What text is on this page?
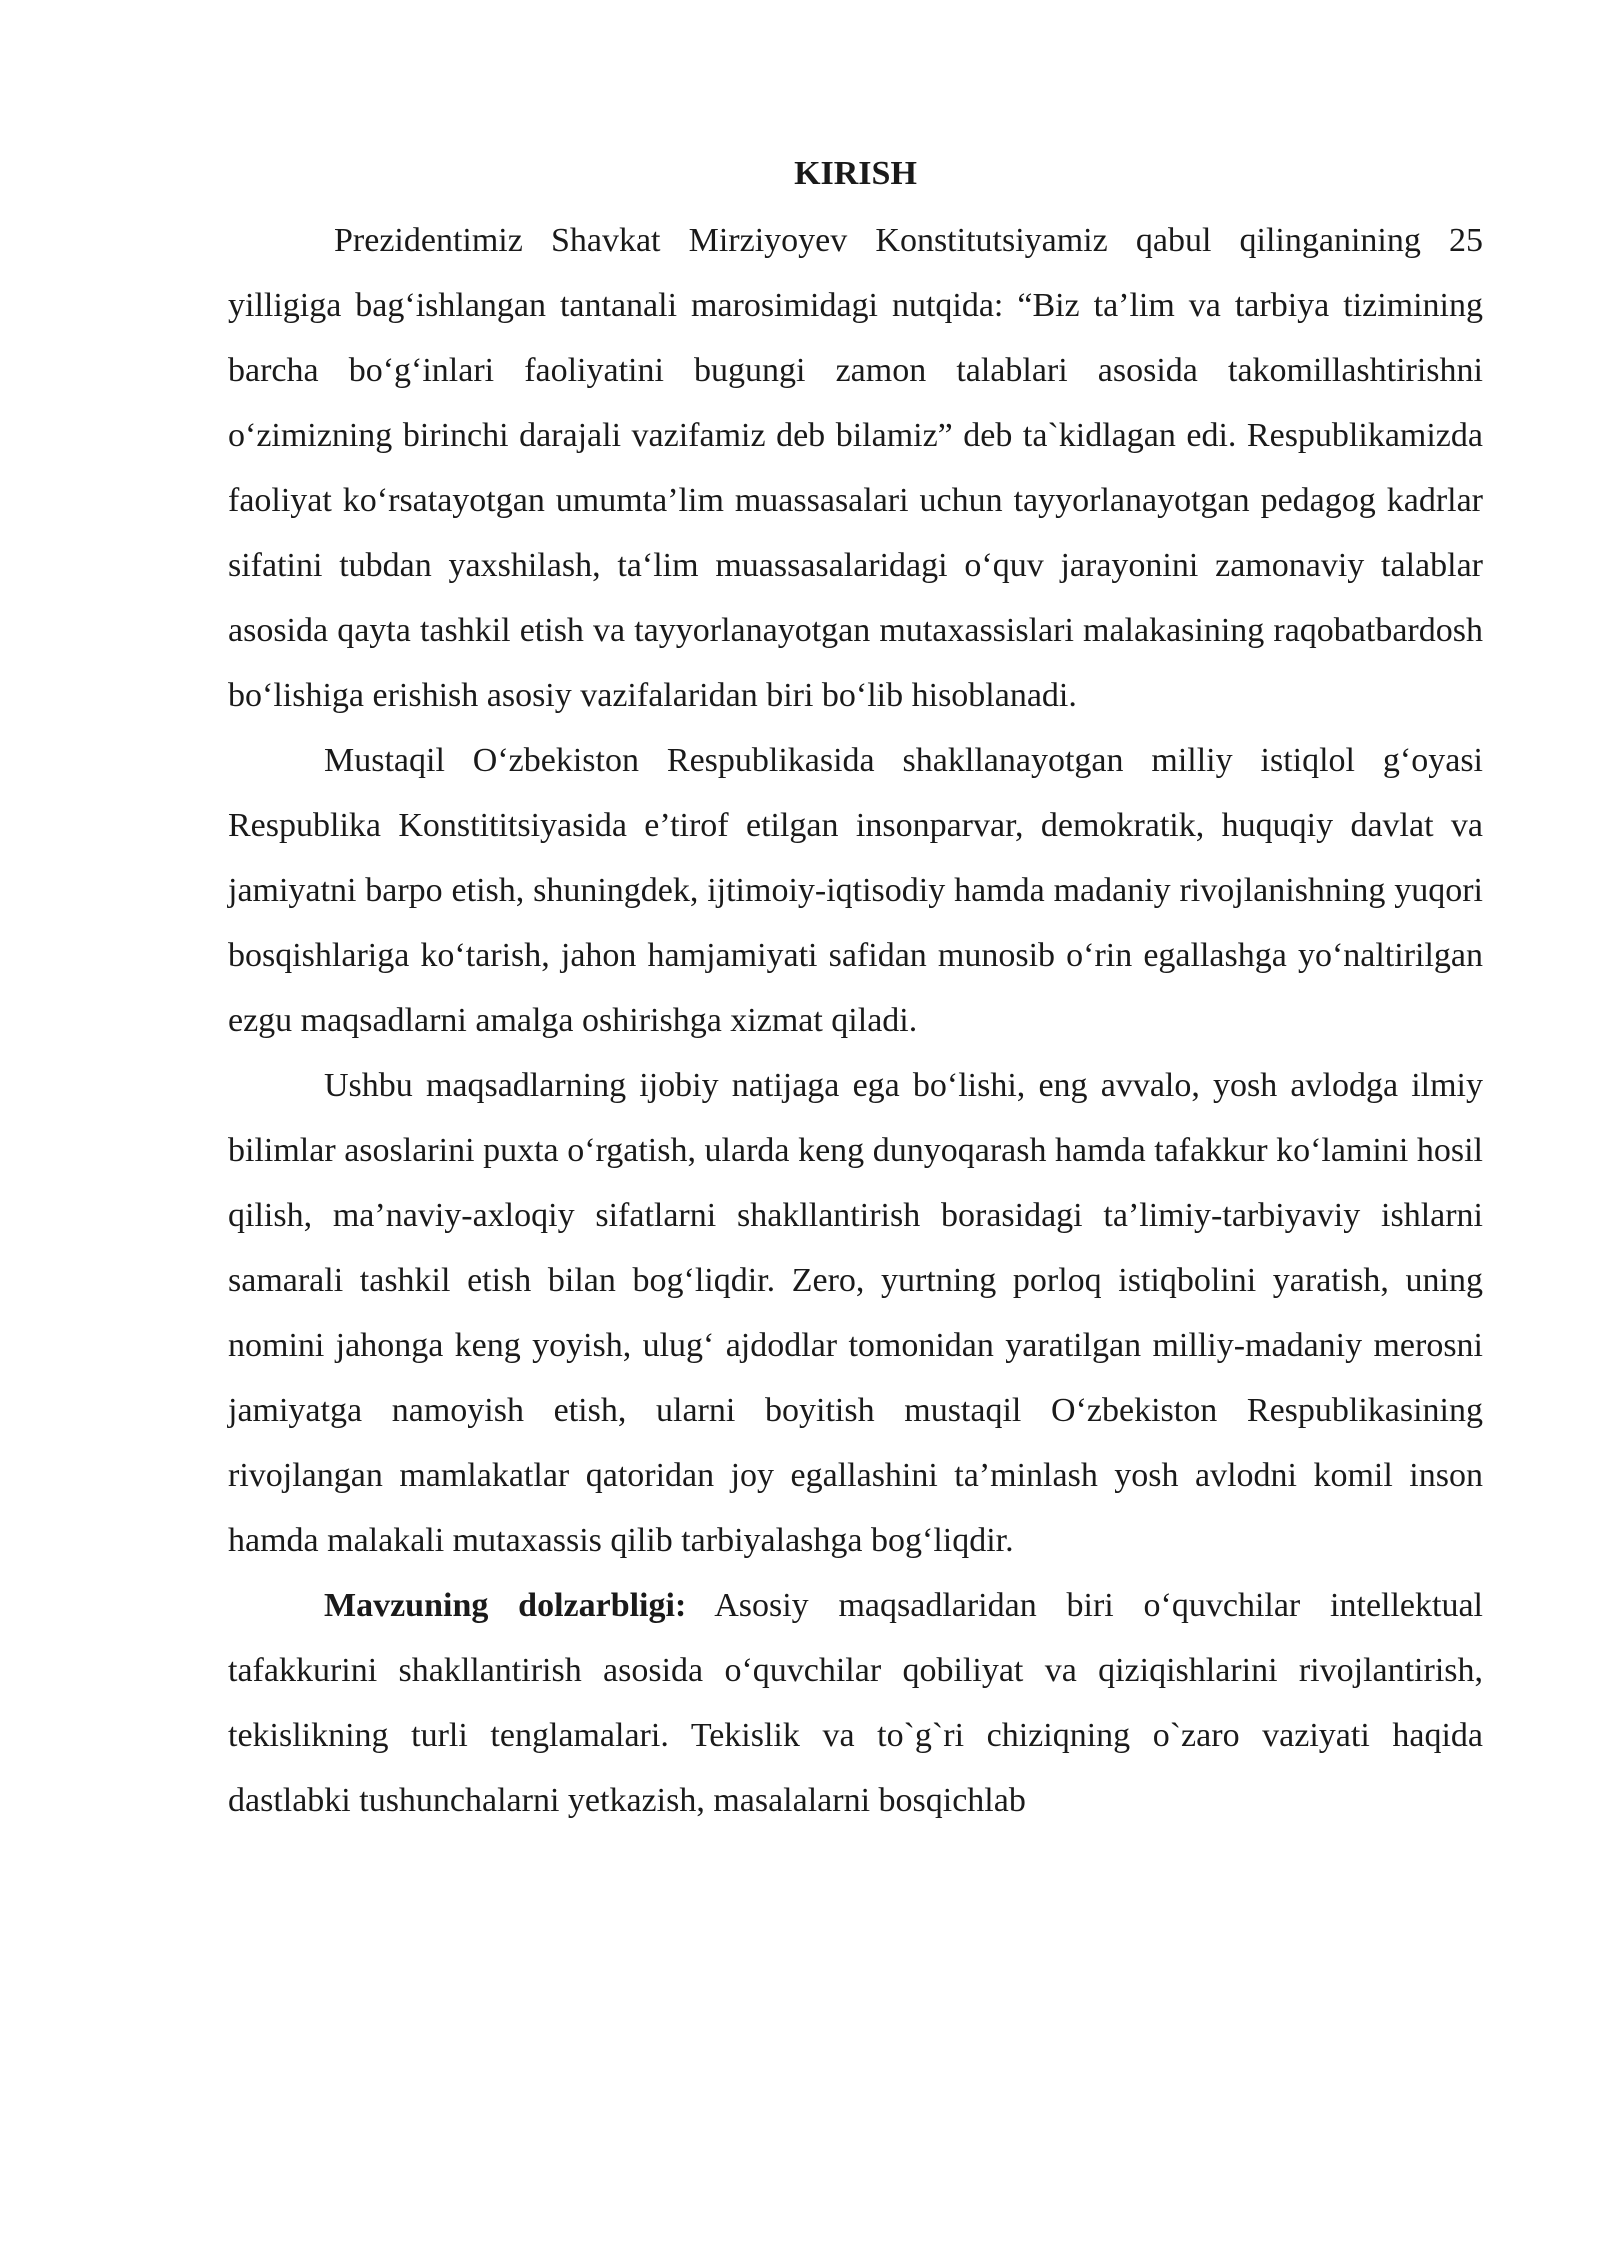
KIRISH

Prezidentimiz Shavkat Mirziyoyev Konstitutsiyamiz qabul qilinganining 25 yilligiga bag‘ishlangan tantanali marosimidagi nutqida: “Biz ta’lim va tarbiya tizimining barcha bo‘g‘inlari faoliyatini bugungi zamon talablari asosida takomillashtirishni o‘zimizning birinchi darajali vazifamiz deb bilamiz” deb ta`kidlagan edi. Respublikamizda faoliyat ko‘rsatayotgan umumta’lim muassasalari uchun tayyorlanayotgan pedagog kadrlar sifatini tubdan yaxshilash, ta‘lim muassasalaridagi o‘quv jarayonini zamonaviy talablar asosida qayta tashkil etish va tayyorlanayotgan mutaxassislari malakasining raqobatbardosh bo‘lishiga erishish asosiy vazifalaridan biri bo‘lib hisoblanadi.

Mustaqil O‘zbekiston Respublikasida shakllanayotgan milliy istiqlol g‘oyasi Respublika Konstititsiyasida e’tirof etilgan insonparvar, demokratik, huquqiy davlat va jamiyatni barpo etish, shuningdek, ijtimoiy-iqtisodiy hamda madaniy rivojlanishning yuqori bosqishlariga ko‘tarish, jahon hamjamiyati safidan munosib o‘rin egallashga yo‘naltirilgan ezgu maqsadlarni amalga oshirishga xizmat qiladi.

Ushbu maqsadlarning ijobiy natijaga ega bo‘lishi, eng avvalo, yosh avlodga ilmiy bilimlar asoslarini puxta o‘rgatish, ularda keng dunyoqarash hamda tafakkur ko‘lamini hosil qilish, ma’naviy-axloqiy sifatlarni shakllantirish borasidagi ta’limiy-tarbiyaviy ishlarni samarali tashkil etish bilan bog‘liqdir. Zero, yurtning porloq istiqbolini yaratish, uning nomini jahonga keng yoyish, ulug‘ ajdodlar tomonidan yaratilgan milliy-madaniy merosni jamiyatga namoyish etish, ularni boyitish mustaqil O‘zbekiston Respublikasining rivojlangan mamlakatlar qatoridan joy egallashini ta’minlash yosh avlodni komil inson hamda malakali mutaxassis qilib tarbiyalashga bog‘liqdir.

Mavzuning dolzarbligi: Asosiy maqsadlaridan biri o‘quvchilar intellektual tafakkurini shakllantirish asosida o‘quvchilar qobiliyat va qiziqishlarini rivojlantirish, tekislikning turli tenglamalari. Tekislik va to`g`ri chiziqning o`zaro vaziyati haqida dastlabki tushunchalarni yetkazish, masalalarni bosqichlab
